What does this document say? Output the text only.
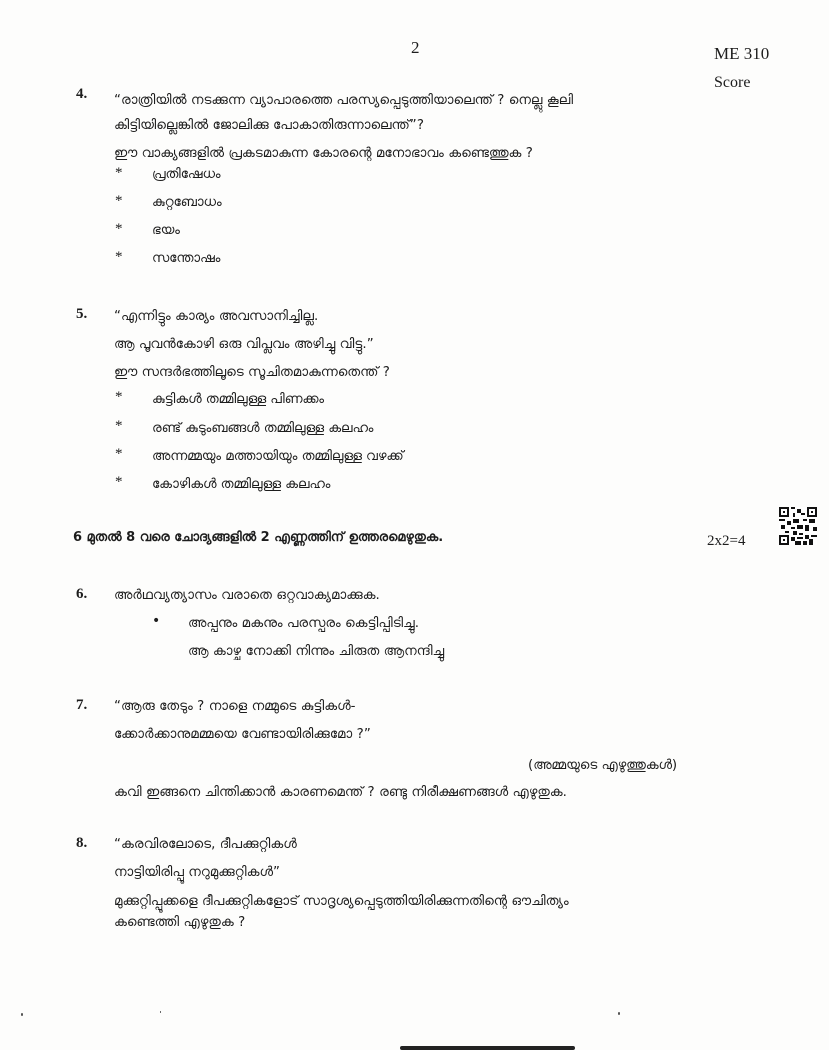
2	ME 310
Score
4. “രാത്രിയിൽ നടക്കുന്ന വ്യാപാരത്തെ പരസ്യപ്പെടുത്തിയാലെന്ത് ? നെല്ലു കൂലി
കിട്ടിയില്ലെങ്കിൽ ജോലിക്കു പോകാതിരുന്നാലെന്ത്”?
ഈ വാക്യങ്ങളിൽ പ്രകടമാകുന്ന കോരന്റെ മനോഭാവം കണ്ടെത്തുക ?
* പ്രതിഷേധം
* കുറ്റബോധം
* ഭയം
* സന്തോഷം
5. “എന്നിട്ടും കാര്യം അവസാനിച്ചില്ല.
ആ പൂവൻകോഴി ഒരു വിപ്ലവം അഴിച്ചു വിട്ടു.”
ഈ സന്ദർഭത്തിലൂടെ സൂചിതമാകുന്നതെന്ത് ?
* കുട്ടികൾ തമ്മിലുള്ള പിണക്കം
* രണ്ട് കുടുംബങ്ങൾ തമ്മിലുള്ള കലഹം
* അന്നമ്മയും മത്തായിയും തമ്മിലുള്ള വഴക്ക്
* കോഴികൾ തമ്മിലുള്ള കലഹം
6 മുതൽ 8 വരെ ചോദ്യങ്ങളിൽ 2 എണ്ണത്തിന് ഉത്തരമെഴുതുക.	2x2=4
6. അർഥവ്യത്യാസം വരാതെ ഒറ്റവാക്യമാക്കുക.
• അപ്പനും മകനും പരസ്പരം കെട്ടിപ്പിടിച്ചു.
ആ കാഴ്ച നോക്കി നിന്നും ചിരുത ആനന്ദിച്ചു
7. “ആരു തേടും ? നാളെ നമ്മുടെ കുട്ടികൾ-
ക്കോർക്കാനുമമ്മയെ വേണ്ടായിരിക്കുമോ ?”
(അമ്മയുടെ എഴുത്തുകൾ)
കവി ഇങ്ങനെ ചിന്തിക്കാൻ കാരണമെന്ത് ? രണ്ടു നിരീക്ഷണങ്ങൾ എഴുതുക.
8. “കരവിരലോടെ, ദീപക്കുറ്റികൾ
നാട്ടിയിരിപ്പൂ നറുമുക്കുറ്റികൾ”
മുക്കുറ്റിപ്പൂക്കളെ ദീപക്കുറ്റികളോട് സാദൃശ്യപ്പെടുത്തിയിരിക്കുന്നതിന്റെ ഔചിത്യം
കണ്ടെത്തി എഴുതുക ?
